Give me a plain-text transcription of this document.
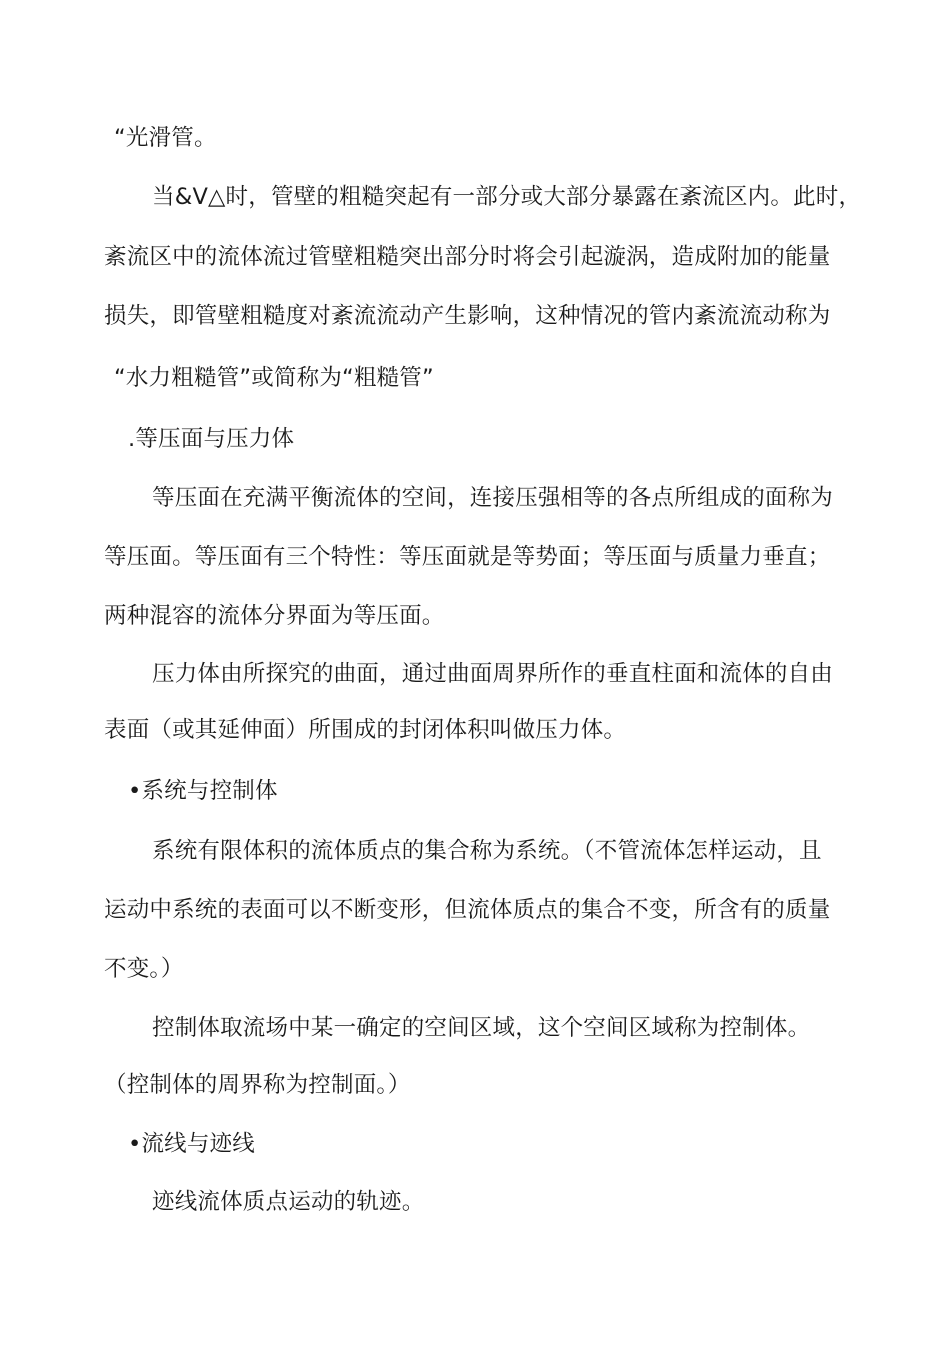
“光滑管。
当&V△时，管壁的粗糙突起有一部分或大部分暴露在紊流区内。此时，
紊流区中的流体流过管壁粗糙突出部分时将会引起漩涡，造成附加的能量
损失，即管壁粗糙度对紊流流动产生影响，这种情况的管内紊流流动称为
“水力粗糙管”或简称为“粗糙管”
.等压面与压力体
等压面在充满平衡流体的空间，连接压强相等的各点所组成的面称为
等压面。等压面有三个特性：等压面就是等势面；等压面与质量力垂直；
两种混容的流体分界面为等压面。
压力体由所探究的曲面，通过曲面周界所作的垂直柱面和流体的自由
表面（或其延伸面）所围成的封闭体积叫做压力体。
•系统与控制体
系统有限体积的流体质点的集合称为系统。（不管流体怎样运动，且
运动中系统的表面可以不断变形，但流体质点的集合不变，所含有的质量
不变。）
控制体取流场中某一确定的空间区域，这个空间区域称为控制体。
（控制体的周界称为控制面。）
•流线与迹线
迹线流体质点运动的轨迹。
